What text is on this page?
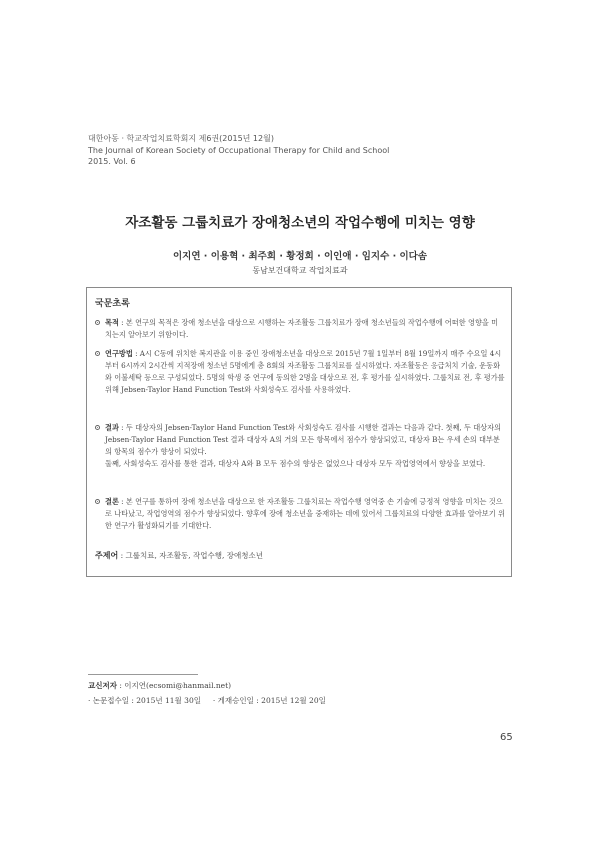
대한아동 · 학교작업치료학회지 제6권(2015년 12월)
The Journal of Korean Society of Occupational Therapy for Child and School
2015. Vol. 6
자조활동 그룹치료가 장애청소년의 작업수행에 미치는 영향
이지연 · 이용혁 · 최주희 · 황정희 · 이인애 · 임지수 · 이다솜
동남보건대학교 작업치료과
국문초록
목적 : 본 연구의 목적은 장애 청소년을 대상으로 시행하는 자조활동 그룹치료가 장애 청소년들의 작업수행에 어떠한 영향을 미치는지 알아보기 위함이다.
연구방법 : A시 C동에 위치한 복지관을 이용 중인 장애청소년을 대상으로 2015년 7월 1일부터 8월 19일까지 매주 수요일 4시부터 6시까지 2시간씩 지적장애 청소년 5명에게 총 8회의 자조활동 그룹치료를 실시하였다. 자조활동은 응급처치 기술, 운동화와 이불세탁 등으로 구성되었다. 5명의 학생 중 연구에 동의한 2명을 대상으로 전, 후 평가를 실시하였다. 그룹치료 전, 후 평가를 위해 Jebsen-Taylor Hand Function Test와 사회성숙도 검사를 사용하였다.
결과 : 두 대상자의 Jebsen-Taylor Hand Function Test와 사회성숙도 검사를 시행한 결과는 다음과 같다. 첫째, 두 대상자의 Jebsen-Taylor Hand Function Test 결과 대상자 A의 거의 모든 항목에서 점수가 향상되었고, 대상자 B는 우세 손의 대부분의 항목의 점수가 향상이 되었다.
둘째, 사회성숙도 검사를 통한 결과, 대상자 A와 B 모두 점수의 향상은 없었으나 대상자 모두 작업영역에서 향상을 보였다.
결론 : 본 연구를 통하여 장애 청소년을 대상으로 한 자조활동 그룹치료는 작업수행 영역중 손 기술에 긍정적 영향을 미치는 것으로 나타났고, 작업영역의 점수가 향상되었다. 향후에 장애 청소년을 중재하는 데에 있어서 그룹치료의 다양한 효과를 알아보기 위한 연구가 활성화되기를 기대한다.
주제어 : 그룹치료, 자조활동, 작업수행, 장애청소년
교신저자 : 이지연(ecsomi@hanmail.net)
· 논문접수일 : 2015년 11월 30일     · 게재승인일 : 2015년 12월 20일
65
